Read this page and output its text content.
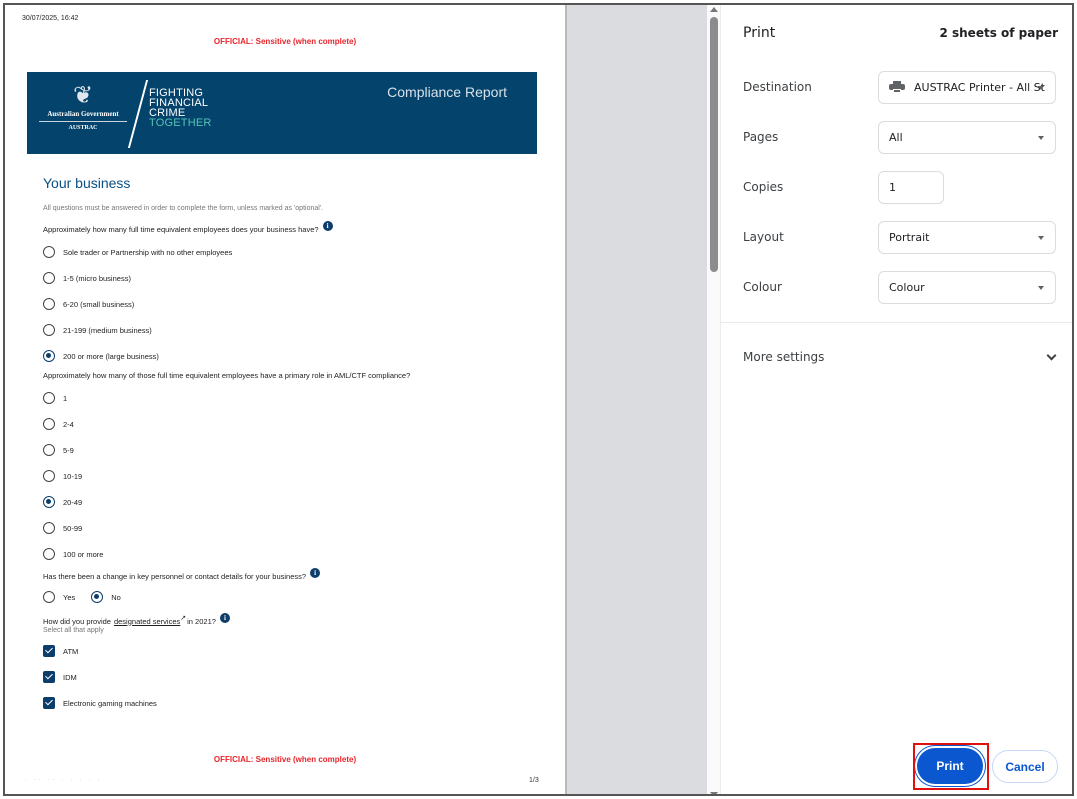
30/07/2025, 16:42
OFFICIAL: Sensitive (when complete)
❦
Australian Government
AUSTRAC
FIGHTING
FINANCIAL
CRIME
TOGETHER
Compliance Report
Your business
All questions must be answered in order to complete the form, unless marked as 'optional'.
Approximately how many full time equivalent employees does your business have?	i
Sole trader or Partnership with no other employees
1-5 (micro business)
6-20 (small business)
21-199 (medium business)
200 or more (large business)
Approximately how many of those full time equivalent employees have a primary role in AML/CTF compliance?
1
2-4
5-9
10-19
20-49
50-99
100 or more
Has there been a change in key personnel or contact details for your business?	i
Yes	No
How did you provide designated services ↗ in 2021?	i
Select all that apply
ATM
IDM
Electronic gaming machines
OFFICIAL: Sensitive (when complete)
· ·· ·· · · · · ·	1/3
Print	2 sheets of paper
Destination	AUSTRAC Printer - All St
Pages	All
Copies	1
Layout	Portrait
Colour	Colour
More settings
Print	Cancel
